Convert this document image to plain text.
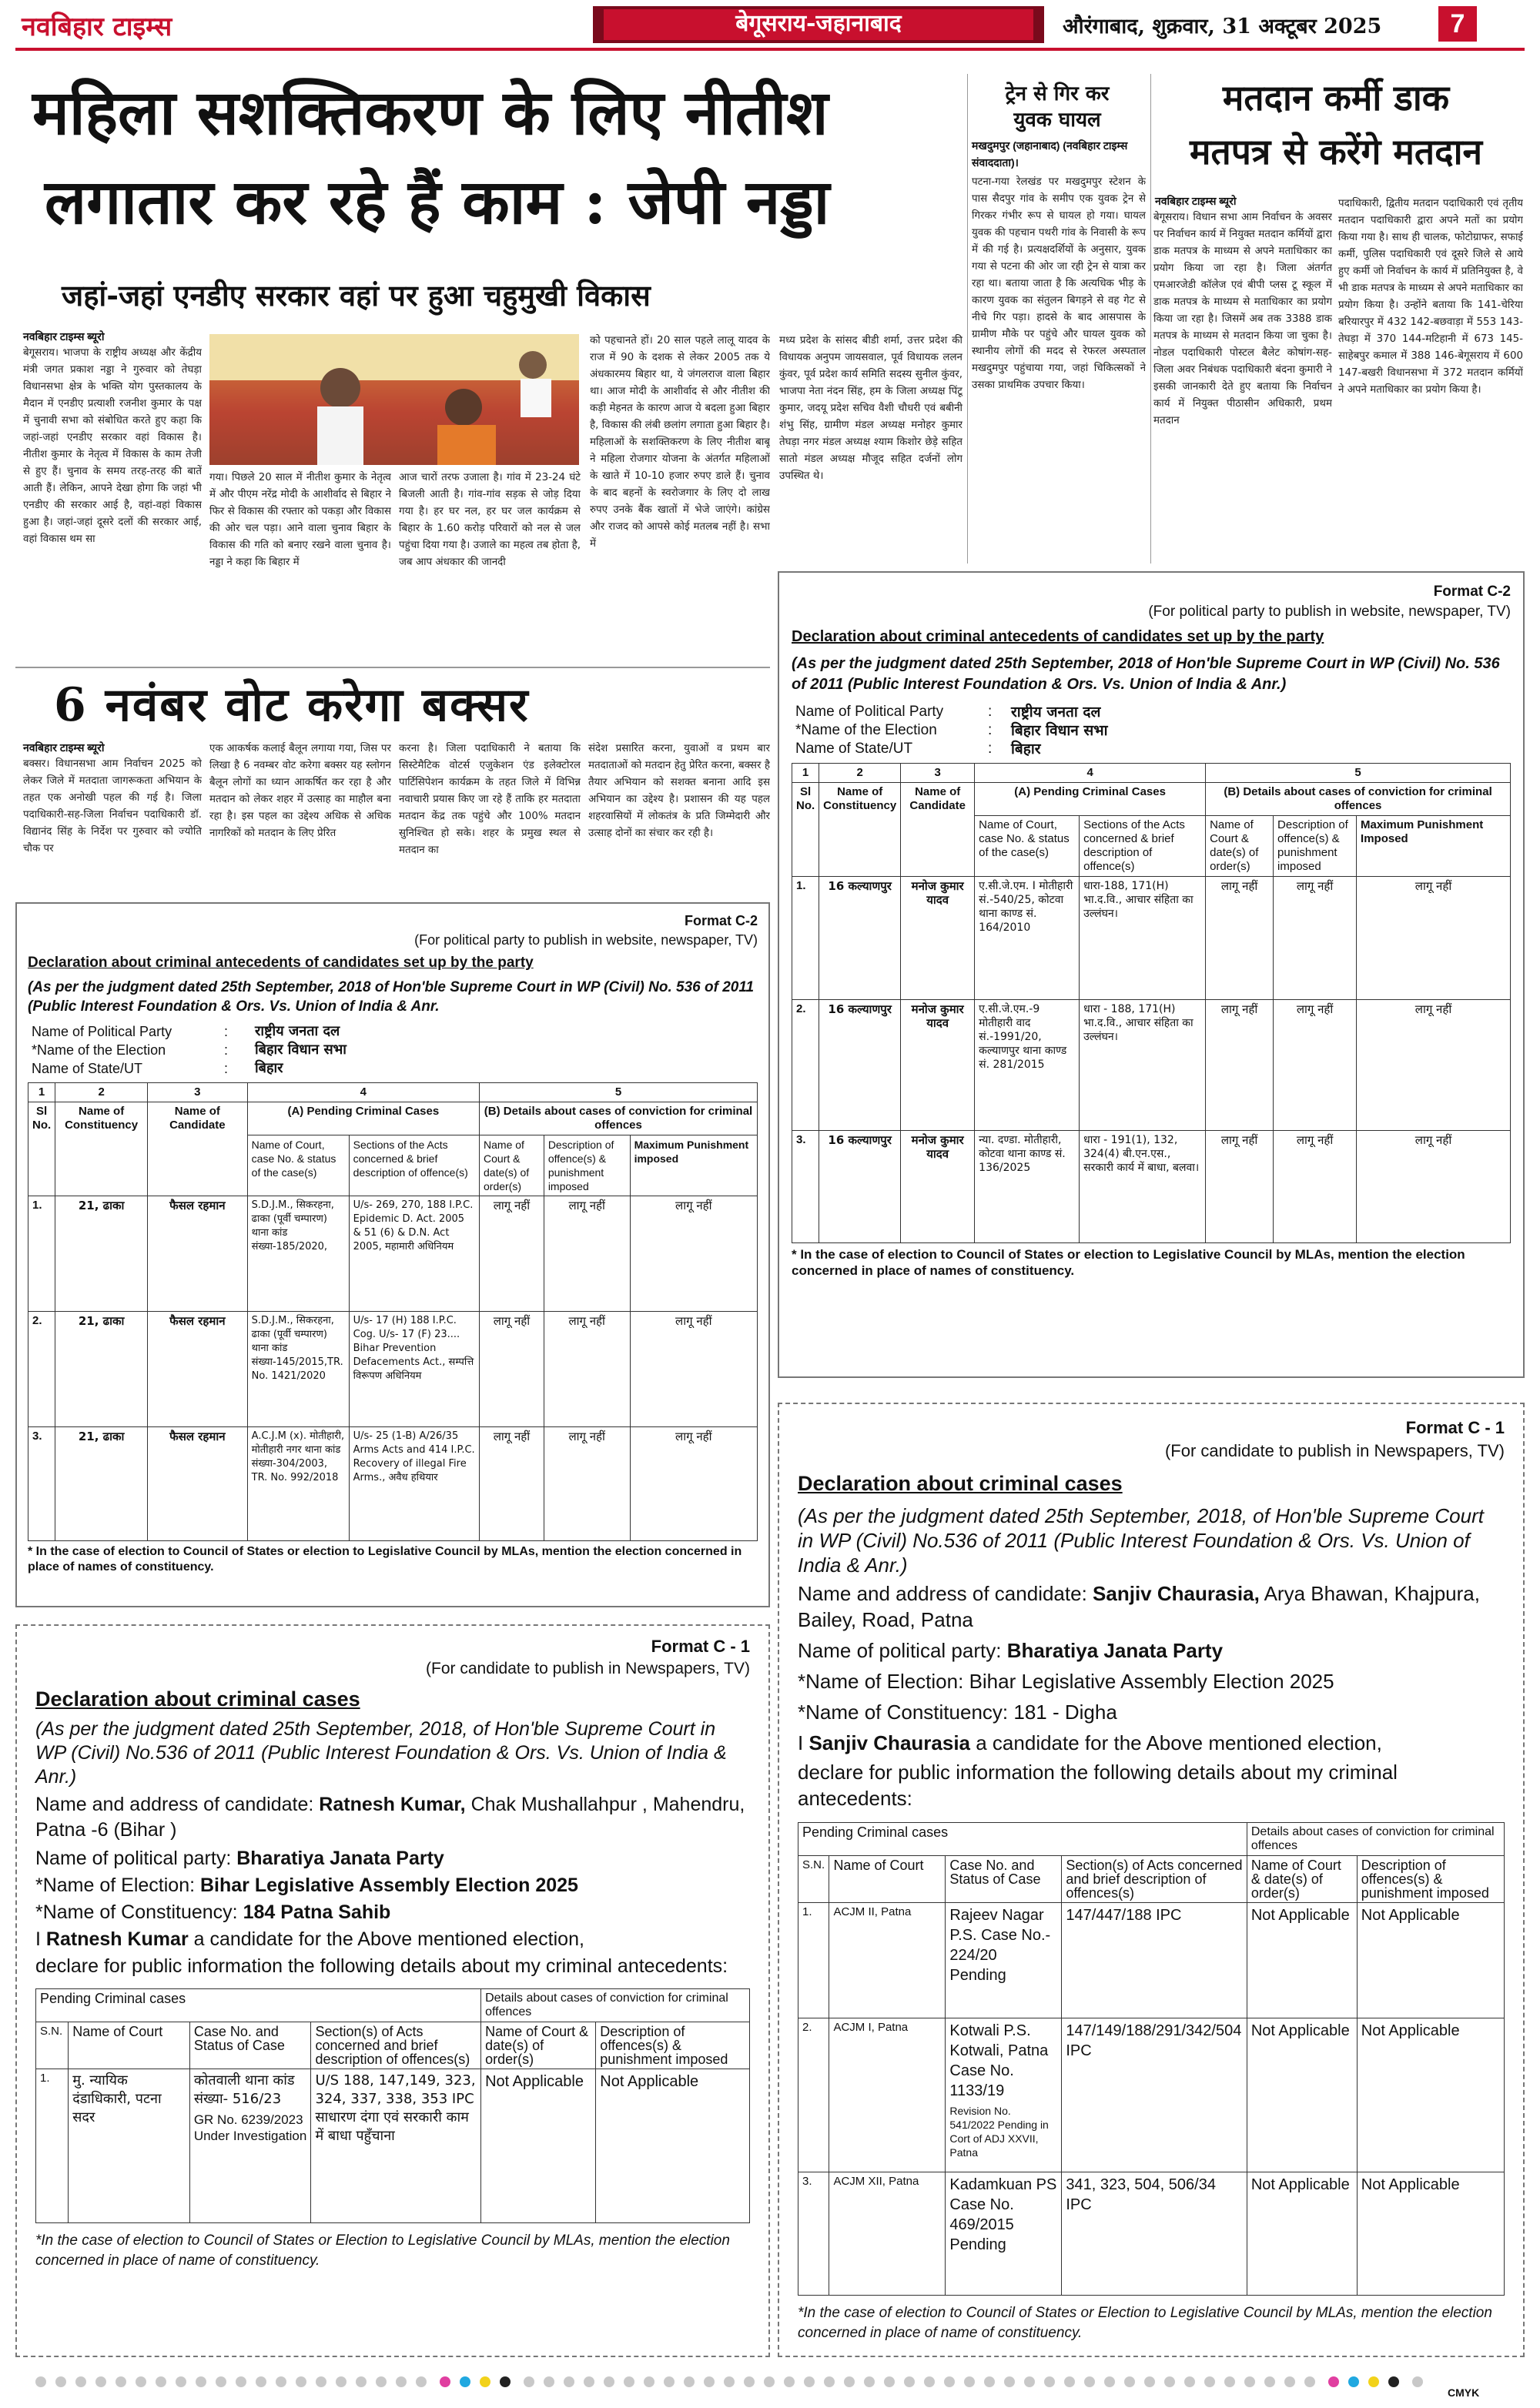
नवबिहार टाइम्स	बेगूसराय-जहानाबाद	औरंगाबाद, शुक्रवार, 31 अक्टूबर 2025	7
महिला सशक्तिकरण के लिए नीतीश
लगातार कर रहे हैं काम : जेपी नड्डा
जहां-जहां एनडीए सरकार वहां पर हुआ चहुमुखी विकास
नवबिहार टाइम्स ब्यूरो
बेगूसराय। भाजपा के राष्ट्रीय अध्यक्ष और केंद्रीय मंत्री जगत प्रकाश नड्डा ने गुरुवार को तेघड़ा विधानसभा क्षेत्र के भक्ति योग पुस्तकालय के मैदान में एनडीए प्रत्याशी रजनीश कुमार के पक्ष में चुनावी सभा को संबोधित करते हुए कहा कि जहां-जहां एनडीए सरकार वहां विकास है। नीतीश कुमार के नेतृत्व में विकास के काम तेजी से हुए हैं। चुनाव के समय तरह-तरह की बातें आती हैं। लेकिन, आपने देखा होगा कि जहां भी एनडीए की सरकार आई है, वहां-वहां विकास हुआ है। जहां-जहां दूसरे दलों की सरकार आई, वहां विकास थम सा
गया। पिछले 20 साल में नीतीश कुमार के नेतृत्व में और पीएम नरेंद्र मोदी के आशीर्वाद से बिहार ने फिर से विकास की रफ्तार को पकड़ा और विकास की ओर चल पड़ा। आने वाला चुनाव बिहार के विकास की गति को बनाए रखने वाला चुनाव है। नड्डा ने कहा कि बिहार में
आज चारों तरफ उजाला है। गांव में 23-24 घंटे बिजली आती है। गांव-गांव सड़क से जोड़ दिया गया है। हर घर नल, हर घर जल कार्यक्रम से बिहार के 1.60 करोड़ परिवारों को नल से जल पहुंचा दिया गया है। उजाले का महत्व तब होता है, जब आप अंधकार की जानदी
को पहचानते हों। 20 साल पहले लालू यादव के राज में 90 के दशक से लेकर 2005 तक ये अंधकारमय बिहार था, ये जंगलराज वाला बिहार था। आज मोदी के आशीर्वाद से और नीतीश की कड़ी मेहनत के कारण आज ये बदला हुआ बिहार है, विकास की लंबी छलांग लगाता हुआ बिहार है। महिलाओं के सशक्तिकरण के लिए नीतीश बाबू ने महिला रोजगार योजना के अंतर्गत महिलाओं के खाते में 10-10 हजार रुपए डाले हैं। चुनाव के बाद बहनों के स्वरोजगार के लिए दो लाख रुपए उनके बैंक खातों में भेजे जाएंगे। कांग्रेस और राजद को आपसे कोई मतलब नहीं है। सभा में
मध्य प्रदेश के सांसद बीडी शर्मा, उत्तर प्रदेश की विधायक अनुपम जायसवाल, पूर्व विधायक ललन कुंवर, पूर्व प्रदेश कार्य समिति सदस्य सुनील कुंवर, भाजपा नेता नंदन सिंह, हम के जिला अध्यक्ष पिंटू कुमार, जदयू प्रदेश सचिव वैशी चौधरी एवं बबीनी शंभु सिंह, ग्रामीण मंडल अध्यक्ष मनोहर कुमार तेघड़ा नगर मंडल अध्यक्ष श्याम किशोर छेड़े सहित सातो मंडल अध्यक्ष मौजूद सहित दर्जनों लोग उपस्थित थे।
ट्रेन से गिर कर
युवक घायल
मखदुमपुर (जहानाबाद) (नवबिहार टाइम्स संवाददाता)।
पटना-गया रेलखंड पर मखदुमपुर स्टेशन के पास सैदपुर गांव के समीप एक युवक ट्रेन से गिरकर गंभीर रूप से घायल हो गया। घायल युवक की पहचान पथरी गांव के निवासी के रूप में की गई है। प्रत्यक्षदर्शियों के अनुसार, युवक गया से पटना की ओर जा रही ट्रेन से यात्रा कर रहा था। बताया जाता है कि अत्यधिक भीड़ के कारण युवक का संतुलन बिगड़ने से वह गेट से नीचे गिर पड़ा। हादसे के बाद आसपास के ग्रामीण मौके पर पहुंचे और घायल युवक को स्थानीय लोगों की मदद से रेफरल अस्पताल मखदुमपुर पहुंचाया गया, जहां चिकित्सकों ने उसका प्राथमिक उपचार किया।
मतदान कर्मी डाक
मतपत्र से करेंगे मतदान
नवबिहार टाइम्स ब्यूरो
बेगूसराय। विधान सभा आम निर्वाचन के अवसर पर निर्वाचन कार्य में नियुक्त मतदान कर्मियों द्वारा डाक मतपत्र के माध्यम से अपने मताधिकार का प्रयोग किया जा रहा है। जिला अंतर्गत एमआरजेडी कॉलेज एवं बीपी प्लस टू स्कूल में डाक मतपत्र के माध्यम से मताधिकार का प्रयोग किया जा रहा है। जिसमें अब तक 3388 डाक मतपत्र के माध्यम से मतदान किया जा चुका है। नोडल पदाधिकारी पोस्टल बैलेट कोषांग-सह-जिला अवर निबंधक पदाधिकारी बंदना कुमारी ने इसकी जानकारी देते हुए बताया कि निर्वाचन कार्य में नियुक्त पीठासीन अधिकारी, प्रथम मतदान
पदाधिकारी, द्वितीय मतदान पदाधिकारी एवं तृतीय मतदान पदाधिकारी द्वारा अपने मतों का प्रयोग किया गया है। साथ ही चालक, फोटोग्राफर, सफाई कर्मी, पुलिस पदाधिकारी एवं दूसरे जिले से आये हुए कर्मी जो निर्वाचन के कार्य में प्रतिनियुक्त है, वे भी डाक मतपत्र के माध्यम से अपने मताधिकार का प्रयोग किया है। उन्होंने बताया कि 141-चेरिया बरियारपुर में 432 142-बछवाड़ा में 553 143-तेघड़ा में 370 144-मटिहानी में 673 145-साहेबपुर कमाल में 388 146-बेगूसराय में 600 147-बखरी विधानसभा में 372 मतदान कर्मियों ने अपने मताधिकार का प्रयोग किया है।
6 नवंबर वोट करेगा बक्सर
नवबिहार टाइम्स ब्यूरो
बक्सर। विधानसभा आम निर्वाचन 2025 को लेकर जिले में मतदाता जागरूकता अभियान के तहत एक अनोखी पहल की गई है। जिला पदाधिकारी-सह-जिला निर्वाचन पदाधिकारी डॉ. विद्यानंद सिंह के निर्देश पर गुरुवार को ज्योति चौक पर
एक आकर्षक कलाई बैलून लगाया गया, जिस पर लिखा है 6 नवम्बर वोट करेगा बक्सर यह स्लोगन बैलून लोगों का ध्यान आकर्षित कर रहा है और मतदान को लेकर शहर में उत्साह का माहौल बना रहा है। इस पहल का उद्देश्य अधिक से अधिक नागरिकों को मतदान के लिए प्रेरित
करना है। जिला पदाधिकारी ने बताया कि सिस्टेमैटिक वोटर्स एजुकेशन एंड इलेक्टोरल पार्टिसिपेशन कार्यक्रम के तहत जिले में विभिन्न नवाचारी प्रयास किए जा रहे हैं ताकि हर मतदाता मतदान केंद्र तक पहुंचे और 100% मतदान सुनिश्चित हो सके। शहर के प्रमुख स्थल से मतदान का
संदेश प्रसारित करना, युवाओं व प्रथम बार मतदाताओं को मतदान हेतु प्रेरित करना, बक्सर है तैयार अभियान को सशक्त बनाना आदि इस अभियान का उद्देश्य है। प्रशासन की यह पहल शहरवासियों में लोकतंत्र के प्रति जिम्मेदारी और उत्साह दोनों का संचार कर रही है।
Format C-2
(For political party to publish in website, newspaper, TV)
Declaration about criminal antecedents of candidates set up by the party
(As per the judgment dated 25th September, 2018 of Hon'ble Supreme Court in WP (Civil) No. 536 of 2011 (Public Interest Foundation & Ors. Vs. Union of India & Anr.)
Name of Political Party	:	राष्ट्रीय जनता दल
*Name of the Election	:	बिहार विधान सभा
Name of State/UT	:	बिहार
1	2	3	4		5		
Sl No.	Name of Constituency	Name of Candidate	(A) Pending Criminal Cases		(B) Details about cases of conviction for criminal offences		
			Name of Court, case No. & status of the case(s)	Sections of the Acts concerned & brief description of offence(s)	Name of Court & date(s) of order(s)	Description of offence(s) & punishment imposed	Maximum Punishment Imposed
1.	16 कल्याणपुर	मनोज कुमार यादव	ए.सी.जे.एम. I मोतीहारी सं.-540/25, कोटवा थाना काण्ड सं. 164/2010	धारा-188, 171(H) भा.द.वि., आचार संहिता का उल्लंघन।	लागू नहीं	लागू नहीं	लागू नहीं
2.	16 कल्याणपुर	मनोज कुमार यादव	ए.सी.जे.एम.-9 मोतीहारी वाद सं.-1991/20, कल्याणपुर थाना काण्ड सं. 281/2015	धारा - 188, 171(H) भा.द.वि., आचार संहिता का उल्लंघन।	लागू नहीं	लागू नहीं	लागू नहीं
3.	16 कल्याणपुर	मनोज कुमार यादव	न्या. दण्डा. मोतीहारी, कोटवा थाना काण्ड सं. 136/2025	धारा - 191(1), 132, 324(4) बी.एन.एस., सरकारी कार्य में बाधा, बलवा।	लागू नहीं	लागू नहीं	लागू नहीं
* In the case of election to Council of States or election to Legislative Council by MLAs, mention the election concerned in place of names of constituency.
Format C-2
(For political party to publish in website, newspaper, TV)
Declaration about criminal antecedents of candidates set up by the party
(As per the judgment dated 25th September, 2018 of Hon'ble Supreme Court in WP (Civil) No. 536 of 2011 (Public Interest Foundation & Ors. Vs. Union of India & Anr.
Name of Political Party	:	राष्ट्रीय जनता दल
*Name of the Election	:	बिहार विधान सभा
Name of State/UT	:	बिहार
1	2	3	4		5		
Sl No.	Name of Constituency	Name of Candidate	(A) Pending Criminal Cases		(B) Details about cases of conviction for criminal offences		
			Name of Court, case No. & status of the case(s)	Sections of the Acts concerned & brief description of offence(s)	Name of Court & date(s) of order(s)	Description of offence(s) & punishment imposed	Maximum Punishment imposed
1.	21, ढाका	फैसल रहमान	S.D.J.M., सिकरहना, ढाका (पूर्वी चम्पारण) थाना कांड संख्या-185/2020,	U/s- 269, 270, 188 I.P.C. Epidemic D. Act. 2005 & 51 (6) & D.N. Act 2005, महामारी अधिनियम	लागू नहीं	लागू नहीं	लागू नहीं
2.	21, ढाका	फैसल रहमान	S.D.J.M., सिकरहना, ढाका (पूर्वी चम्पारण) थाना कांड संख्या-145/2015,TR. No. 1421/2020	U/s- 17 (H) 188 I.P.C. Cog. U/s- 17 (F) 23.... Bihar Prevention Defacements Act., सम्पत्ति विरूपण अधिनियम	लागू नहीं	लागू नहीं	लागू नहीं
3.	21, ढाका	फैसल रहमान	A.C.J.M (x). मोतीहारी, मोतीहारी नगर थाना कांड संख्या-304/2003, TR. No. 992/2018	U/s- 25 (1-B) A/26/35 Arms Acts and 414 I.P.C. Recovery of illegal Fire Arms., अवैध हथियार	लागू नहीं	लागू नहीं	लागू नहीं
* In the case of election to Council of States or election to Legislative Council by MLAs, mention the election concerned in place of names of constituency.
Format C - 1
(For candidate to publish in Newspapers, TV)
Declaration about criminal cases
(As per the judgment dated 25th September, 2018, of Hon'ble Supreme Court in WP (Civil) No.536 of 2011 (Public Interest Foundation & Ors. Vs. Union of India & Anr.)
Name and address of candidate: Sanjiv Chaurasia, Arya Bhawan, Khajpura, Bailey, Road, Patna
Name of political party: Bharatiya Janata Party
*Name of Election: Bihar Legislative Assembly Election 2025
*Name of Constituency: 181 - Digha
I Sanjiv Chaurasia a candidate for the Above mentioned election,
declare for public information the following details about my criminal antecedents:
Pending Criminal cases				Details about cases of conviction for criminal offences	
S.N.	Name of Court	Case No. and Status of Case	Section(s) of Acts concerned and brief description of offences(s)	Name of Court & date(s) of order(s)	Description of offences(s) & punishment imposed
1.	ACJM II, Patna	Rajeev Nagar P.S. Case No.- 224/20 Pending	147/447/188 IPC	Not Applicable	Not Applicable
2.	ACJM I, Patna	Kotwali P.S. Kotwali, Patna Case No. 1133/19
Revision No. 541/2022 Pending in Cort of ADJ XXVII, Patna	147/149/188/291/342/504 IPC	Not Applicable	Not Applicable
3.	ACJM XII, Patna	Kadamkuan PS Case No. 469/2015 Pending	341, 323, 504, 506/34 IPC	Not Applicable	Not Applicable
*In the case of election to Council of States or Election to Legislative Council by MLAs, mention the election concerned in place of name of constituency.
Format C - 1
(For candidate to publish in Newspapers, TV)
Declaration about criminal cases
(As per the judgment dated 25th September, 2018, of Hon'ble Supreme Court in WP (Civil) No.536 of 2011 (Public Interest Foundation & Ors. Vs. Union of India & Anr.)
Name and address of candidate: Ratnesh Kumar, Chak Mushallahpur , Mahendru, Patna -6 (Bihar )
Name of political party: Bharatiya Janata Party
*Name of Election: Bihar Legislative Assembly Election 2025
*Name of Constituency: 184 Patna Sahib
I Ratnesh Kumar a candidate for the Above mentioned election,
declare for public information the following details about my criminal antecedents:
Pending Criminal cases				Details about cases of conviction for criminal offences	
S.N.	Name of Court	Case No. and Status of Case	Section(s) of Acts concerned and brief description of offences(s)	Name of Court & date(s) of order(s)	Description of offences(s) & punishment imposed
1.	मु. न्यायिक दंडाधिकारी, पटना सदर	कोतवाली थाना कांड संख्या- 516/23
GR No. 6239/2023 Under Investigation	U/S 188, 147,149, 323, 324, 337, 338, 353 IPC साधारण दंगा एवं सरकारी काम में बाधा पहुँचाना	Not Applicable	Not Applicable
*In the case of election to Council of States or Election to Legislative Council by MLAs, mention the election concerned in place of name of constituency.

CMYK
